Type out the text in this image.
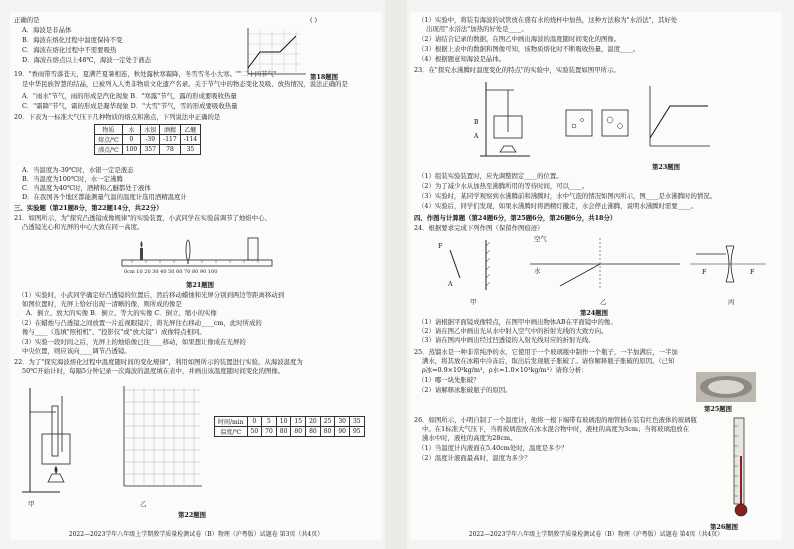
正确的是	( )
A．海波是非晶体
B．海波在熔化过程中温度保持不变
C．海波在熔化过程中不需要吸热
D．海波在熔点以上48℃，海波一定处于液态
第18题图
19．"香雨带雪落苍天，夏满芒夏暑相连，秋处露秋寒霜降，冬雪雪冬小大寒。""二十四节气"
是中华民族智慧的结晶，已被列入人类非物质文化遗产名录。关于节气中的物态变化及吸、放热情况，说法正确的是
A．"雨水"节气，雨的形成是汽化现象 B．"寒露"节气，露的形成要吸收热量
C．"霜降"节气，霜的形成是凝华现象 D．"大雪"节气，雪的形成要吸收热量
20．下表为一标准大气压下几种物质的熔点和沸点，下列说法中正确的是
物质	水	水银	酒精	乙醚
熔点/℃	0	-39	-117	-114
沸点/℃	100	357	78	35
A．当温度为-39℃时，水银一定是液态
B．当温度为100℃时，水一定沸腾
C．当温度为40℃时，酒精和乙醚都处于液体
D．在我国各个地区都能测量气温的温度计选用酒精温度计
三、实验题（第21题8分，第22题14分，共22分）
21．如图所示，为"探究凸透镜成像规律"的实验装置，小武同学在实验前调节了烛焰中心、
凸透镜光心和光屏的中心大致在同一高度。
0cm 10 20 30 40 50 60 70 80 90 100
第21题图
（1）实验时，小武同学确定好凸透镜的位置后，然后移动蜡烛和光屏分别到两边等距离移动到
如图位置时，光屏上恰好出现一清晰的像，则所成的像是
A．倒立、放大的实像 B．倒立、等大的实像 C．倒立、缩小的实像
（2）在蜡烛与凸透镜之间放置一片近视眼镜片，将光屏往右移动____cm，此时所成的
像与____（选填"照相机"、"投影仪"或"放大镜"）成像特点相同。
（3）实验一段时间之后，光屏上的烛焰像已往____移动，如果想让像成在光屏的
中央位置，则应该向____调节凸透镜。
22．为了"探究海波熔化过程中温度随时间的变化规律"，利用如图所示的装置进行实验。从海波温度为
50℃开始计时，每隔5分钟记录一次海波的温度填在表中，并画出该温度随时间变化的图像。
甲	乙
时间/min	0	5	10	15	20	25	30	35
温度/℃	50	70	80	80	80	80	90	95
第22题图
2022—2023学年八年级上学期教学质量检测试卷（B）物理（沪粤版）试题卷 第3页（共4页）
（1）实验中，将装有海波的试管放在盛有水的烧杯中加热，这种方法称为"水浴法"，其好处
出现用"水浴法"加热的好处是____。
（2）请结合记录的数据，在图乙中画出海波的温度随时间变化的图像。
（3）根据上表中的数据和图像可知，该物质熔化时不断吸收热量，温度____。
（4）根据题意知海波是晶体。
23．在"探究水沸腾时温度变化的特点"的实验中，实验装置如图甲所示。
B
A
第23题图
（1）组装实验装置时，应先调整固定____的位置。
（2）为了减少水从加热至沸腾所用的等待时间，可以____。
（3）实验时，某同学观察到水沸腾前和沸腾时，水中气泡的情况如图丙所示，图____是水沸腾时的情况。
（4）实验后，同学们发现，如果水沸腾时将酒精灯撤走，水会停止沸腾，说明水沸腾时需要____。
四、作图与计算题（第24题6分，第25题6分，第26题6分，共18分）
24．根据要求完成下列作图（保留作图痕迹）
F
空气
水
A
F	F
甲	乙	丙
第24题图
（1）请根据平面镜成像特点，在图甲中画出物体AB在平面镜中的像。
（2）请在图乙中画出光从水中射入空气中的折射光线的大致方向。
（3）请在图丙中画出经过凹透镜的入射光线对应的折射光线。
25．蒸馏水是一种非常纯净的水，它使用于一个玻璃瓶中制作一个瓶子，一半加满后，一半加
满水，将其放在冰箱中冷冻后，取出后发现瓶子胀破了。请你解释瓶子胀破的原因。（已知
ρ冰=0.9×10³kg/m³，ρ水=1.0×10³kg/m³）请你分析：
（1）哪一块先胀破？
（2）请解释冰胀破瓶子的原因。
第25题图
26．如图所示，小明自制了一个温度计，他将一根下端带有玻璃泡的细管插在装有红色液体的玻璃瓶
中。在1标准大气压下，当将玻璃泡放在冰水混合物中时，液柱的高度为3cm；当将玻璃泡放在
沸水中时，液柱的高度为28cm。
（1）当温度计内液面在5.40cm处时，温度是多少？
（2）温度计液面最高时，温度为多少？
第26题图
2022—2023学年八年级上学期教学质量检测试卷（B）物理（沪粤版）试题卷 第4页（共4页）
